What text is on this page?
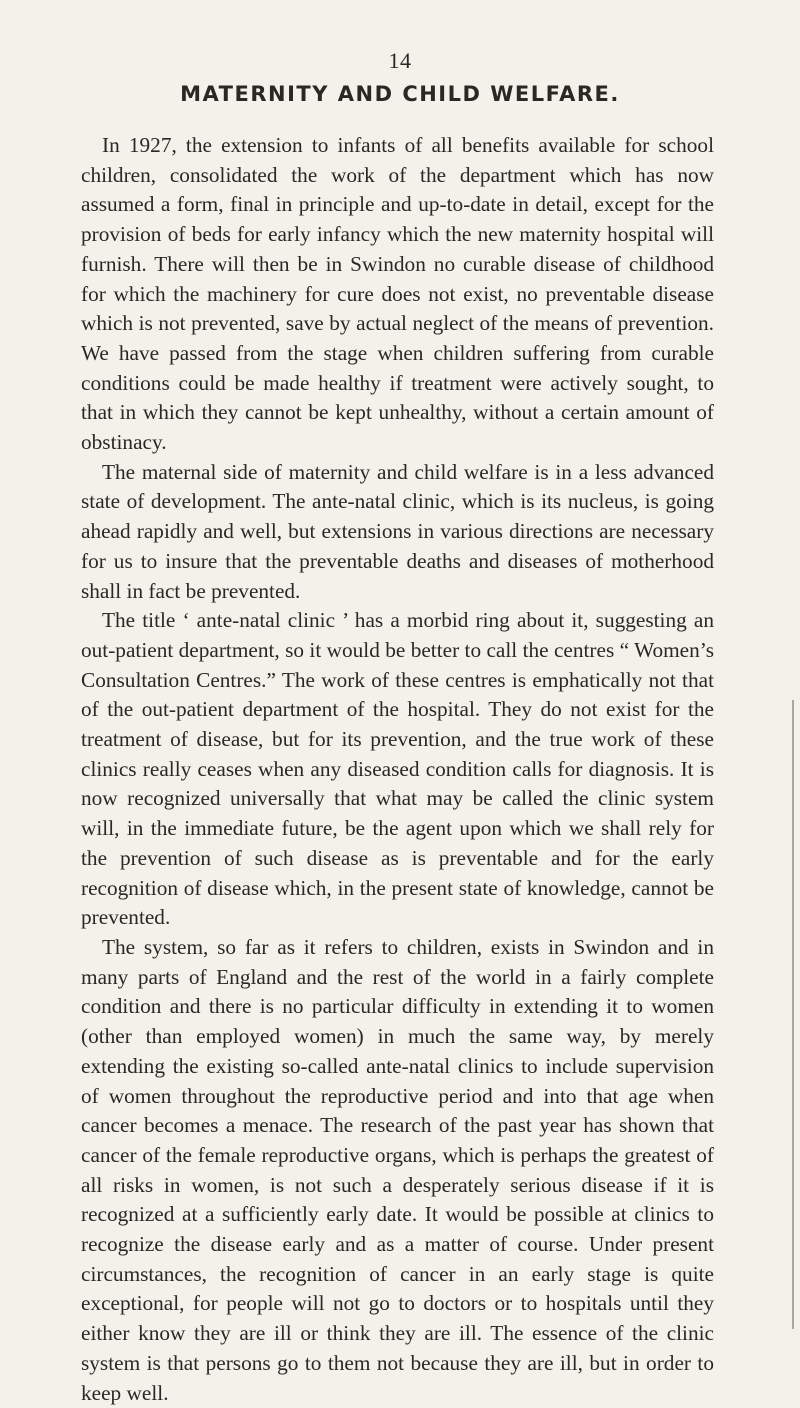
14
MATERNITY AND CHILD WELFARE.

In 1927, the extension to infants of all benefits available for school children, consolidated the work of the department which has now assumed a form, final in principle and up-to-date in detail, except for the provision of beds for early infancy which the new maternity hospital will furnish. There will then be in Swindon no curable disease of childhood for which the machinery for cure does not exist, no preventable disease which is not prevented, save by actual neglect of the means of prevention. We have passed from the stage when children suffering from curable conditions could be made healthy if treatment were actively sought, to that in which they cannot be kept unhealthy, without a certain amount of obstinacy.

The maternal side of maternity and child welfare is in a less advanced state of development. The ante-natal clinic, which is its nucleus, is going ahead rapidly and well, but extensions in various directions are necessary for us to insure that the preventable deaths and diseases of motherhood shall in fact be prevented.

The title ‘ ante-natal clinic ’ has a morbid ring about it, suggesting an out-patient department, so it would be better to call the centres “ Women’s Consultation Centres.” The work of these centres is emphatically not that of the out-patient department of the hospital. They do not exist for the treatment of disease, but for its prevention, and the true work of these clinics really ceases when any diseased condition calls for diagnosis. It is now recognized universally that what may be called the clinic system will, in the immediate future, be the agent upon which we shall rely for the prevention of such disease as is preventable and for the early recognition of disease which, in the present state of knowledge, cannot be prevented.

The system, so far as it refers to children, exists in Swindon and in many parts of England and the rest of the world in a fairly complete condition and there is no particular difficulty in extending it to women (other than employed women) in much the same way, by merely extending the existing so-called ante-natal clinics to include supervision of women throughout the reproductive period and into that age when cancer becomes a menace. The research of the past year has shown that cancer of the female reproductive organs, which is perhaps the greatest of all risks in women, is not such a desperately serious disease if it is recognized at a sufficiently early date. It would be possible at clinics to recognize the disease early and as a matter of course. Under present circumstances, the recognition of cancer in an early stage is quite exceptional, for people will not go to doctors or to hospitals until they either know they are ill or think they are ill. The essence of the clinic system is that persons go to them not because they are ill, but in order to keep well.
